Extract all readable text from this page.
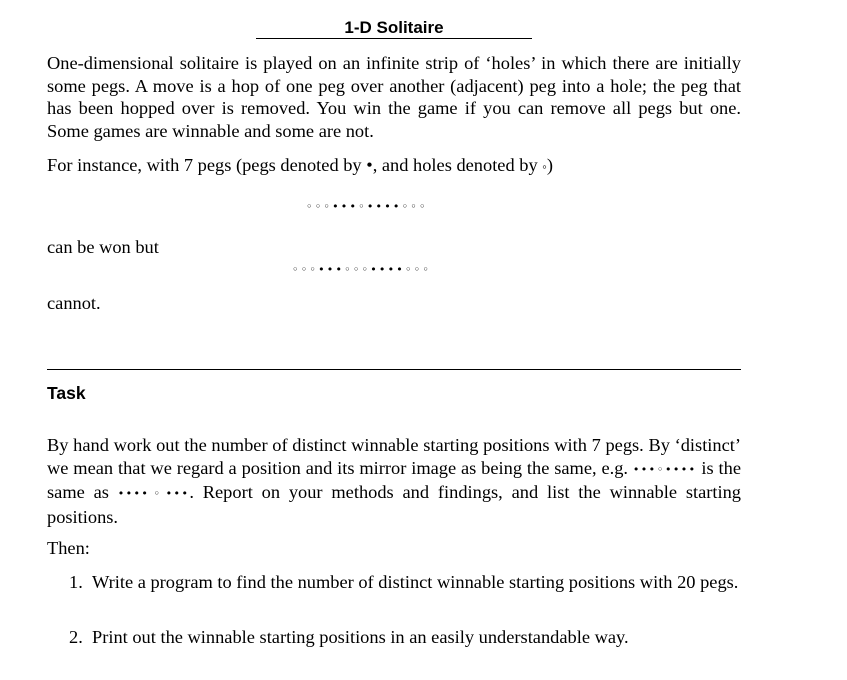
1-D Solitaire

One-dimensional solitaire is played on an infinite strip of ‘holes’ in which there are initially some pegs. A move is a hop of one peg over another (adjacent) peg into a hole; the peg that has been hopped over is removed. You win the game if you can remove all pegs but one. Some games are winnable and some are not.

For instance, with 7 pegs (pegs denoted by •, and holes denoted by ◦)

◦◦◦•••◦••••◦◦◦
can be won but
◦◦◦•••◦◦◦••••◦◦◦
cannot.
Task

By hand work out the number of distinct winnable starting positions with 7 pegs. By ‘distinct’ we mean that we regard a position and its mirror image as being the same, e.g. •••◦•••• is the same as ••••◦•••. Report on your methods and findings, and list the winnable starting positions.

Then:
1. Write a program to find the number of distinct winnable starting positions with 20 pegs.
2. Print out the winnable starting positions in an easily understandable way.
